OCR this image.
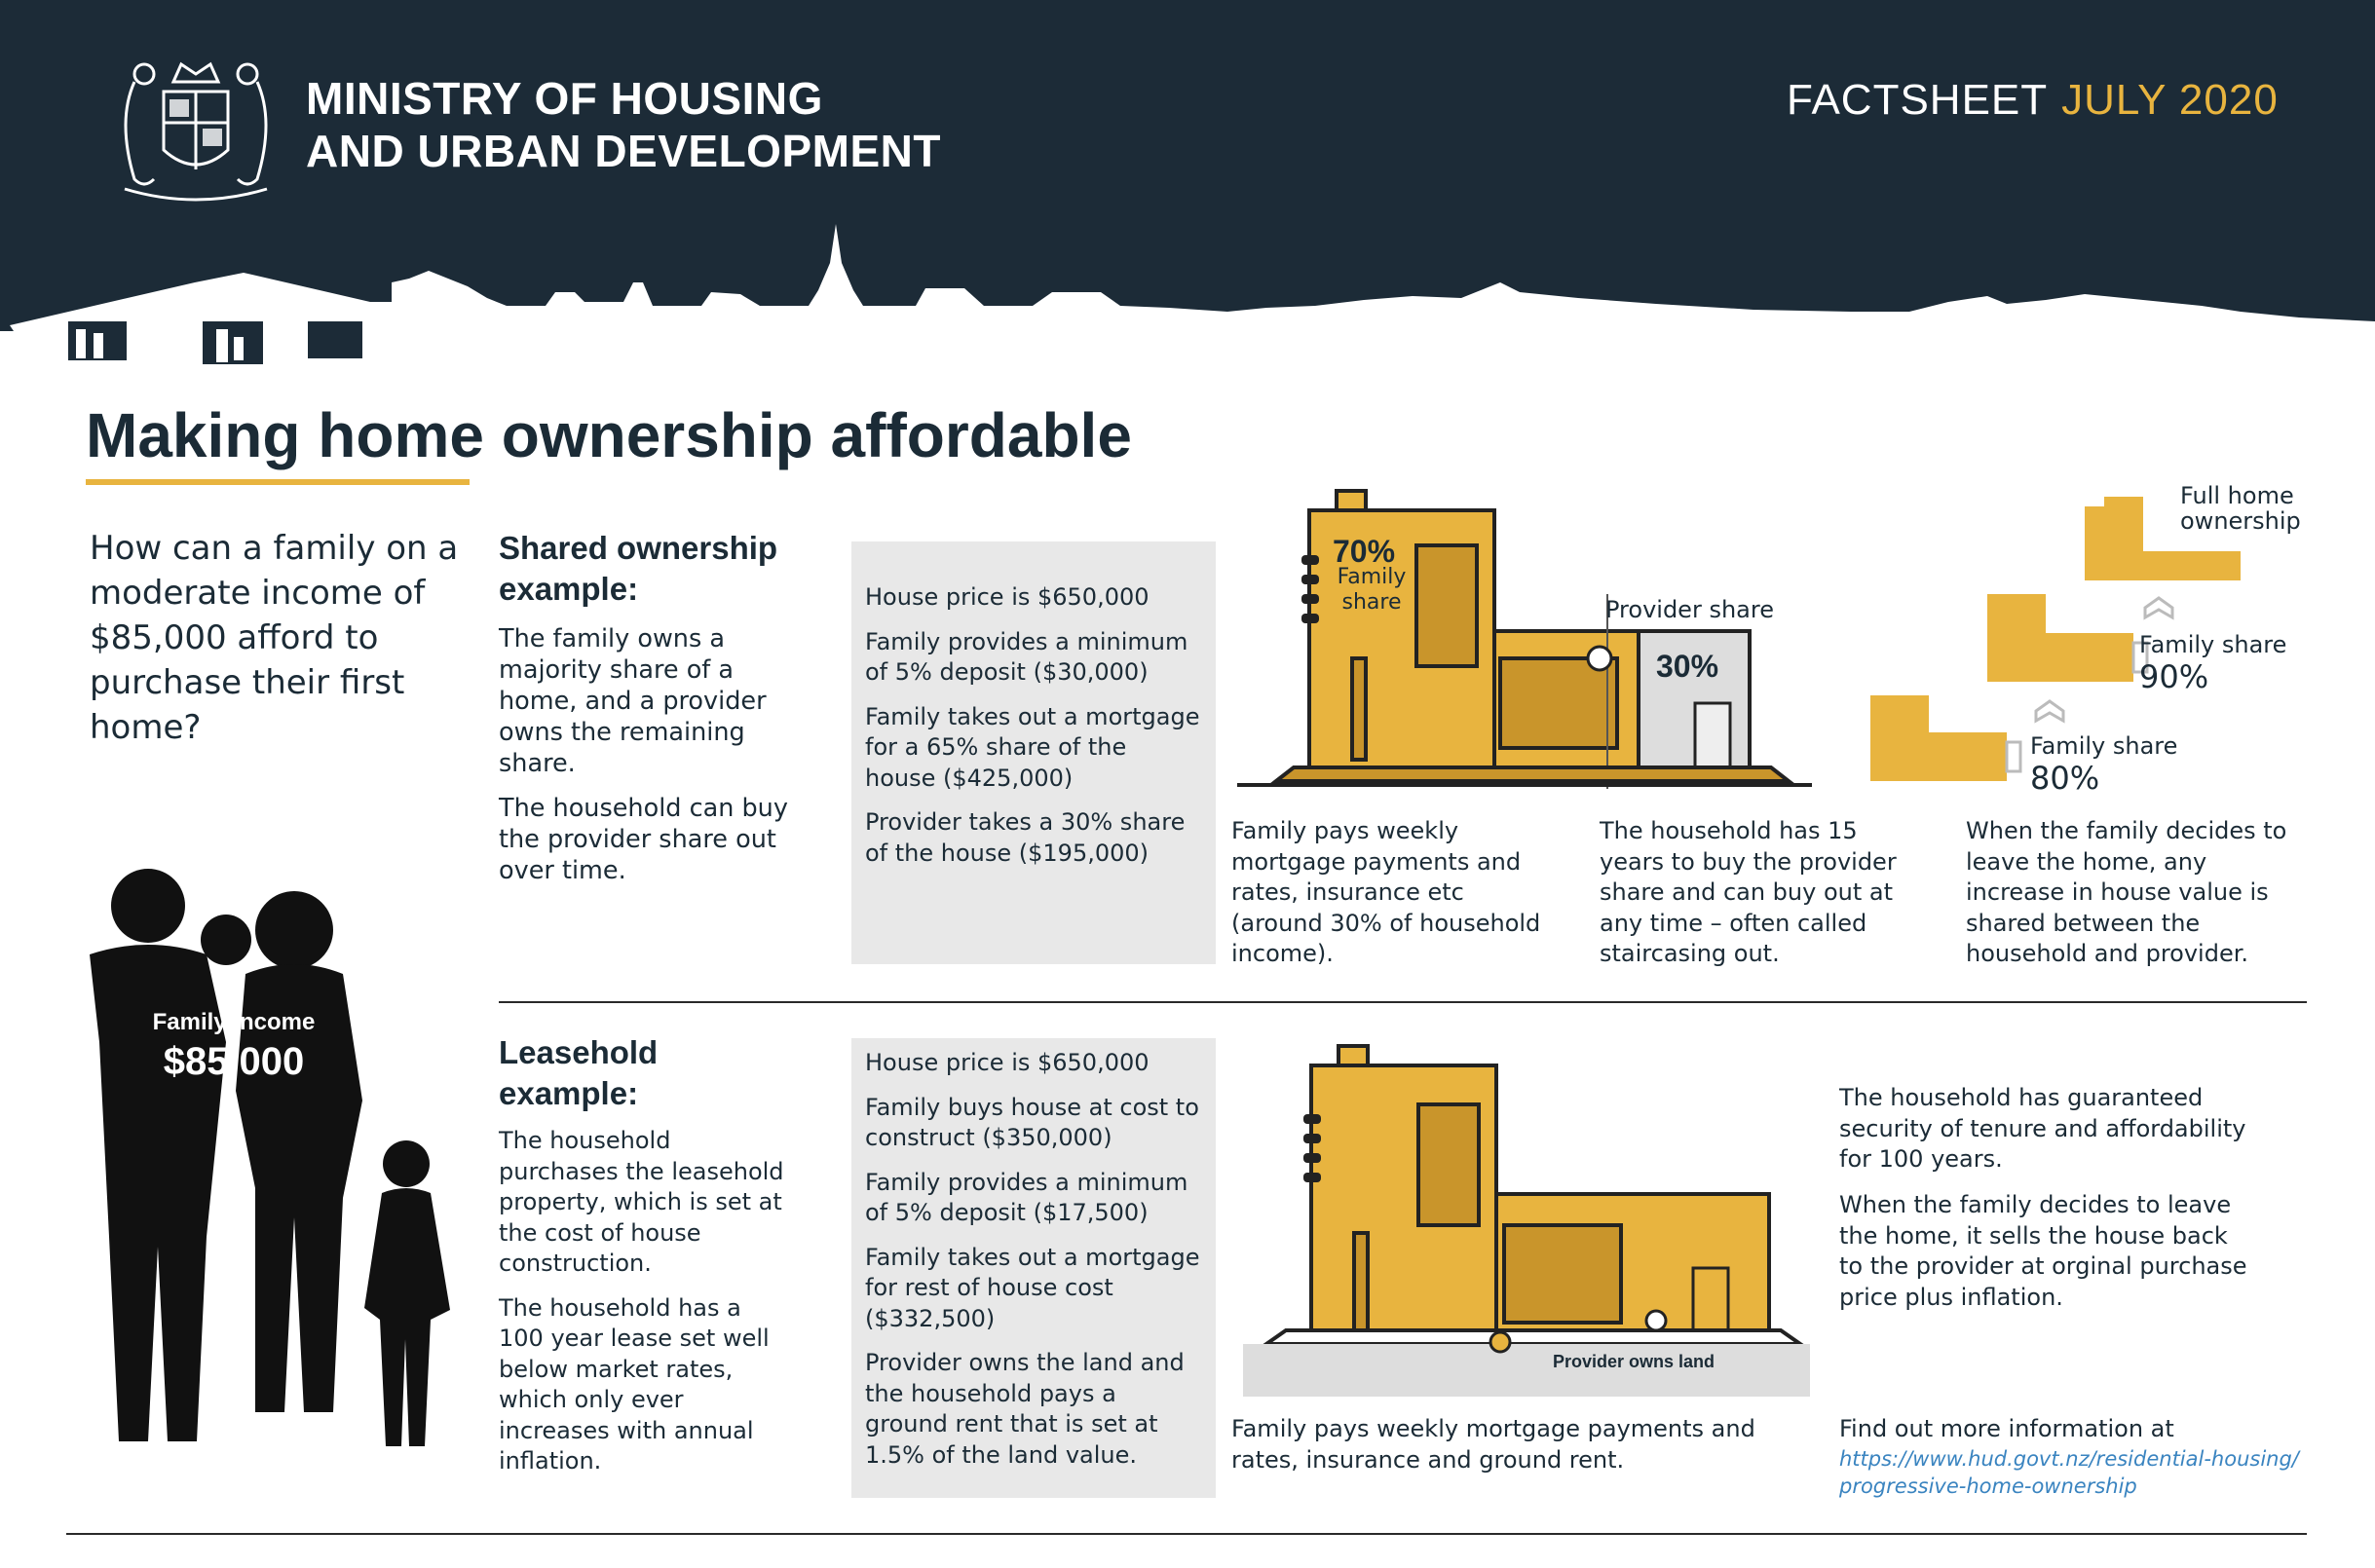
MINISTRY OF HOUSING
AND URBAN DEVELOPMENT
FACTSHEET JULY 2020
Making home ownership affordable
How can a family on a moderate income of $85,000 afford to purchase their first home?
Family income
$85,000
Shared ownership
example:

The family owns a majority share of a home, and a provider owns the remaining share.

The household can buy the provider share out over time.

House price is $650,000

Family provides a minimum of 5% deposit ($30,000)

Family takes out a mortgage for a 65% share of the house ($425,000)

Provider takes a 30% share of the house ($195,000)

70%
Family share	Provider share
30%
Full home ownership
Family share
90%
Family share
80%
Family pays weekly mortgage payments and rates, insurance etc (around 30% of household income).
The household has 15 years to buy the provider share and can buy out at any time – often called staircasing out.
When the family decides to leave the home, any increase in house value is shared between the household and provider.
Leasehold
example:

The household purchases the leasehold property, which is set at the cost of house construction.

The household has a 100 year lease set well below market rates, which only ever increases with annual inflation.

House price is $650,000

Family buys house at cost to construct ($350,000)

Family provides a minimum of 5% deposit ($17,500)

Family takes out a mortgage for rest of house cost ($332,500)

Provider owns the land and the household pays a ground rent that is set at 1.5% of the land value.

Provider owns land
Family pays weekly mortgage payments and rates, insurance and ground rent.
The household has guaranteed security of tenure and affordability for 100 years.
When the family decides to leave the home, it sells the house back to the provider at orginal purchase price plus inflation.
Find out more information at
https://www.hud.govt.nz/residential-housing/
progressive-home-ownership
